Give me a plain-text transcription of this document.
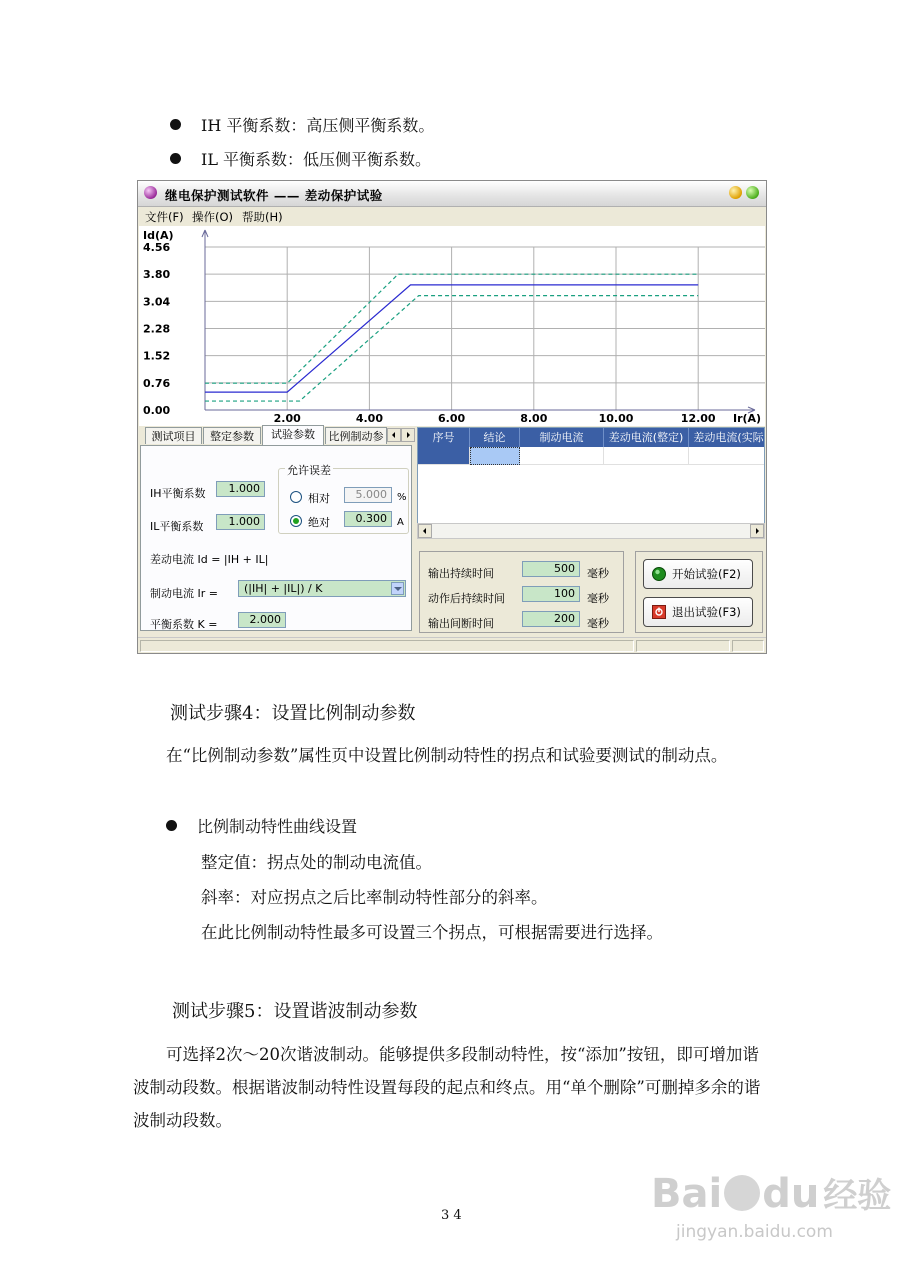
IH 平衡系数：高压侧平衡系数。
IL 平衡系数：低压侧平衡系数。
继电保护测试软件 —— 差动保护试验
文件(F) 操作(O) 帮助(H)
4.56
3.80
3.04
2.28
1.52
0.76
0.00
2.00	4.00	6.00	8.00	10.00	12.00
Id(A)
Ir(A)
测试项目	整定参数	试验参数	比例制动参
IH平衡系数	1.000
IL平衡系数	1.000
允许误差
相对	5.000	%
绝对	0.300	A
差动电流 Id = |IH + IL|
制动电流 Ir =	(|IH| + |IL|) / K
平衡系数 K =	2.000
序号	结论	制动电流	差动电流(整定) 差动电流(实际
输出持续时间	500	毫秒
动作后持续时间	100	毫秒
输出间断时间	200	毫秒
开始试验(F2)
退出试验(F3)
测试步骤4：设置比例制动参数
在“比例制动参数”属性页中设置比例制动特性的拐点和试验要测试的制动点。
比例制动特性曲线设置
整定值：拐点处的制动电流值。
斜率：对应拐点之后比率制动特性部分的斜率。
在此比例制动特性最多可设置三个拐点，可根据需要进行选择。
测试步骤5：设置谐波制动参数
可选择2次～20次谐波制动。能够提供多段制动特性，按“添加”按钮，即可增加谐波制动段数。根据谐波制动特性设置每段的起点和终点。用“单个删除”可删掉多余的谐波制动段数。
3 4	Bai du 经验
jingyan.baidu.com
